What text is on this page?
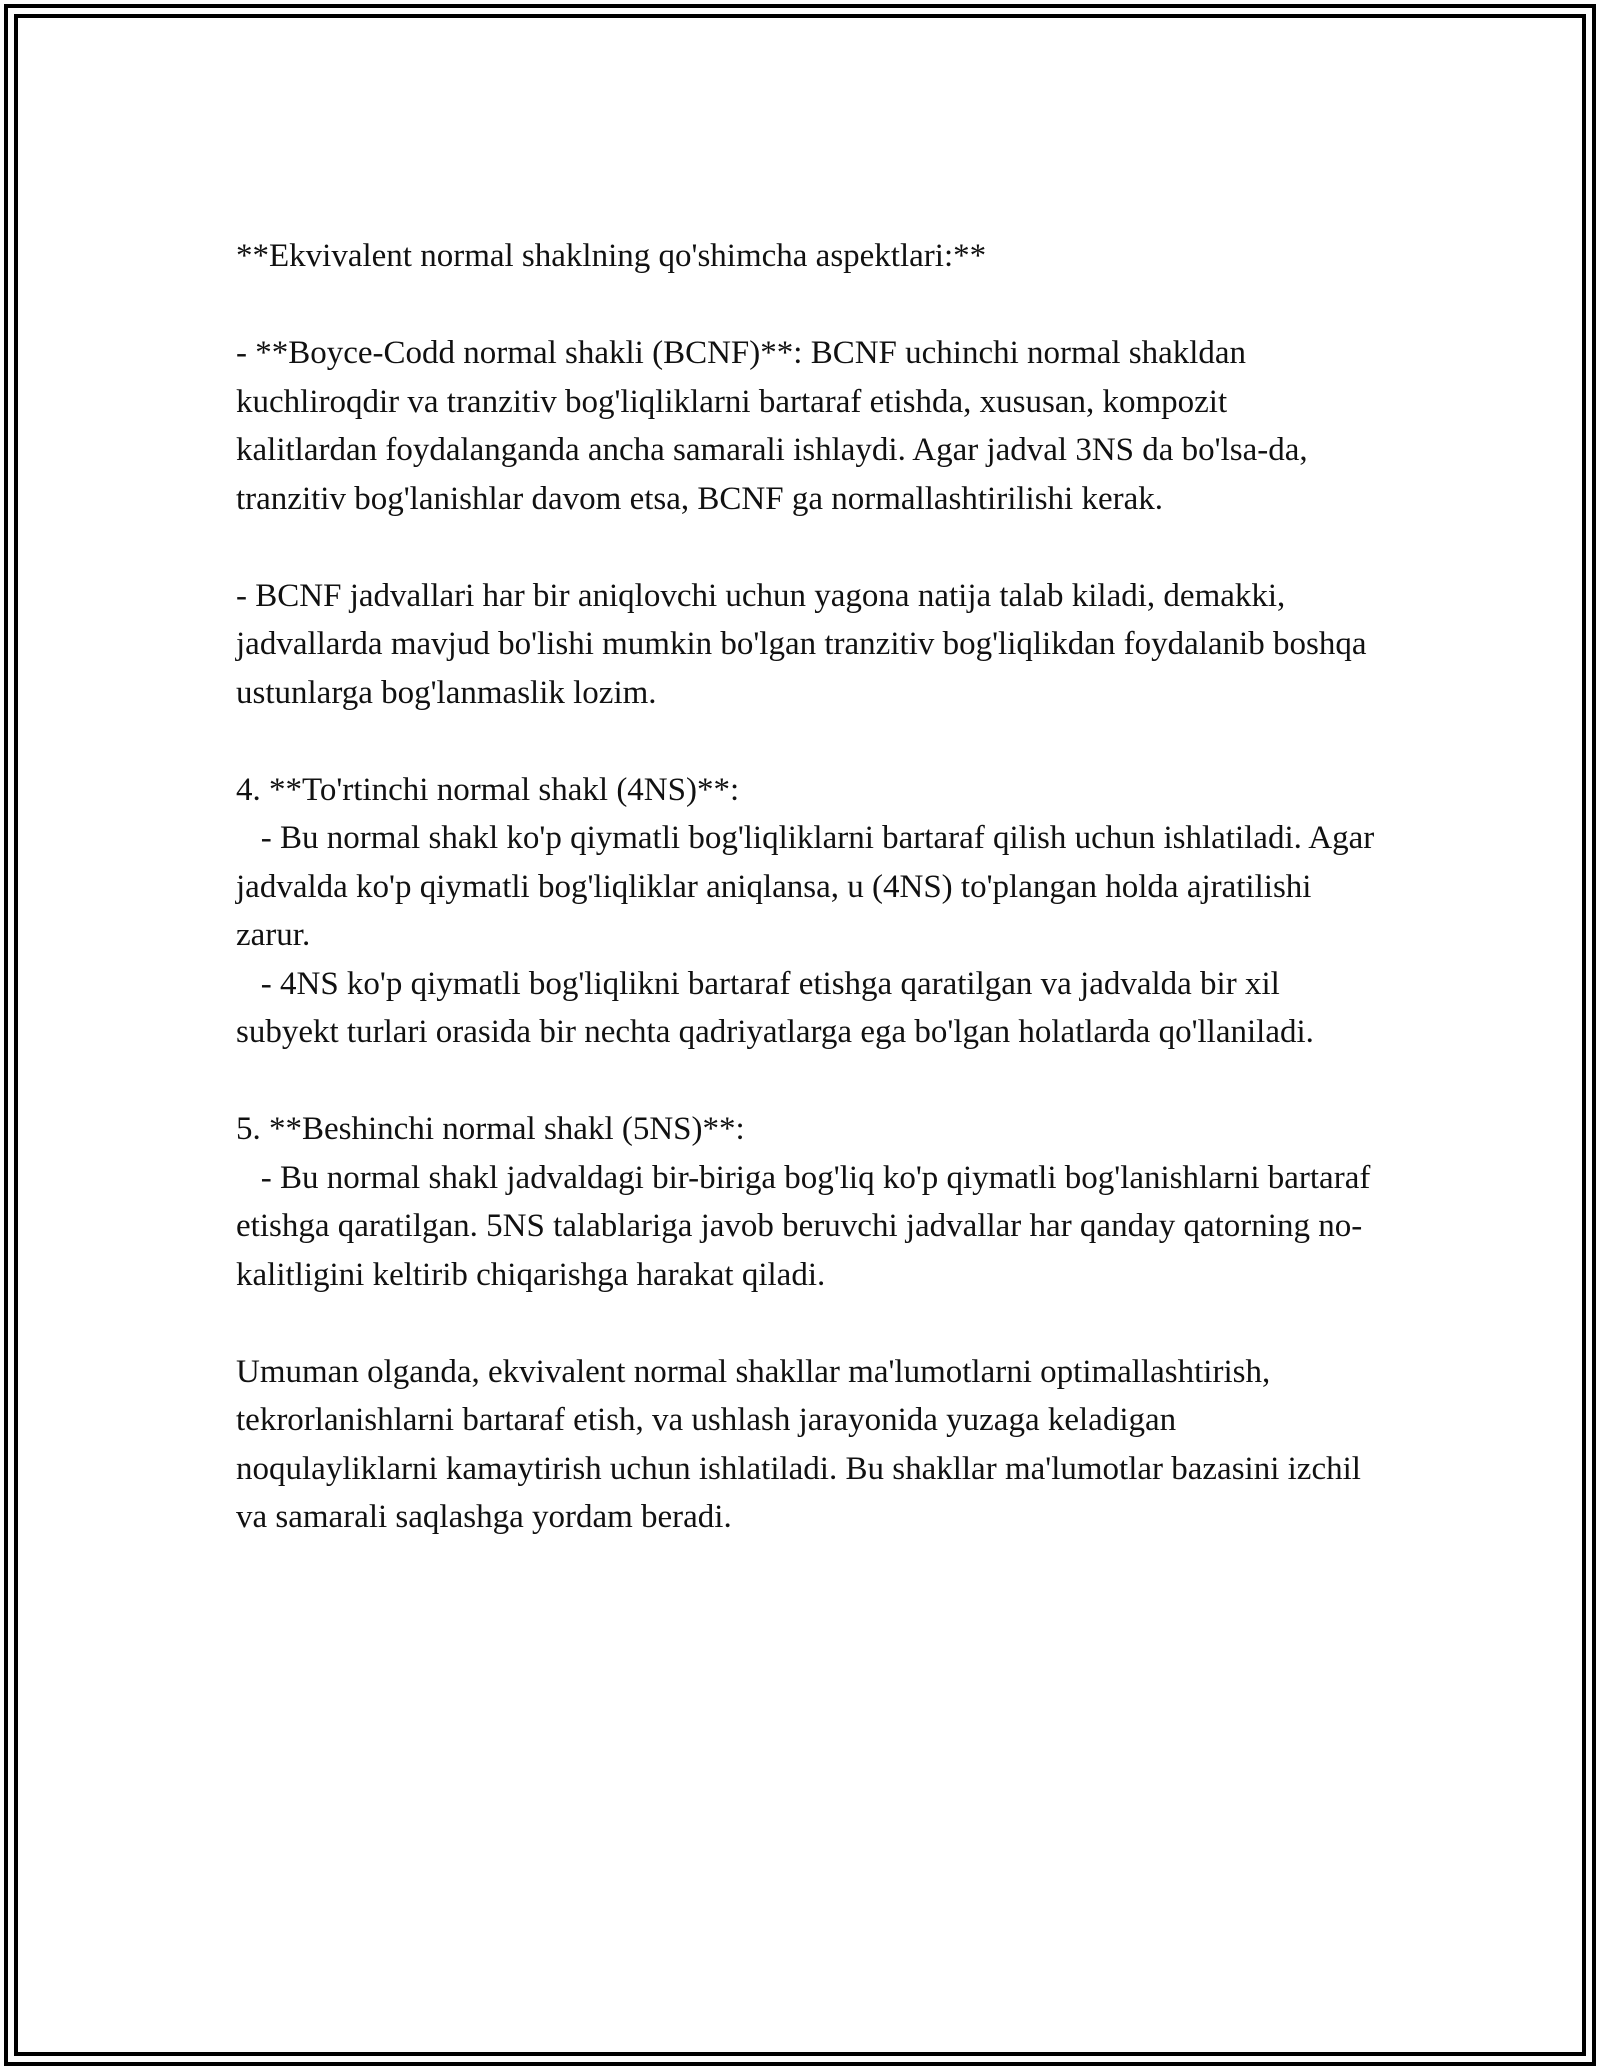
**Ekvivalent normal shaklning qo'shimcha aspektlari:**

- **Boyce-Codd normal shakli (BCNF)**: BCNF uchinchi normal shakldan kuchliroqdir va tranzitiv bog'liqliklarni bartaraf etishda, xususan, kompozit kalitlardan foydalanganda ancha samarali ishlaydi. Agar jadval 3NS da bo'lsa-da, tranzitiv bog'lanishlar davom etsa, BCNF ga normallashtirilishi kerak.

- BCNF jadvallari har bir aniqlovchi uchun yagona natija talab kiladi, demakki, jadvallarda mavjud bo'lishi mumkin bo'lgan tranzitiv bog'liqlikdan foydalanib boshqa ustunlarga bog'lanmaslik lozim.

4. **To'rtinchi normal shakl (4NS)**:
- Bu normal shakl ko'p qiymatli bog'liqliklarni bartaraf qilish uchun ishlatiladi. Agar jadvalda ko'p qiymatli bog'liqliklar aniqlansa, u (4NS) to'plangan holda ajratilishi zarur.
- 4NS ko'p qiymatli bog'liqlikni bartaraf etishga qaratilgan va jadvalda bir xil subyekt turlari orasida bir nechta qadriyatlarga ega bo'lgan holatlarda qo'llaniladi.

5. **Beshinchi normal shakl (5NS)**:
- Bu normal shakl jadvaldagi bir-biriga bog'liq ko'p qiymatli bog'lanishlarni bartaraf etishga qaratilgan. 5NS talablariga javob beruvchi jadvallar har qanday qatorning no-kalitligini keltirib chiqarishga harakat qiladi.

Umuman olganda, ekvivalent normal shakllar ma'lumotlarni optimallashtirish, tekrorlanishlarni bartaraf etish, va ushlash jarayonida yuzaga keladigan noqulayliklarni kamaytirish uchun ishlatiladi. Bu shakllar ma'lumotlar bazasini izchil va samarali saqlashga yordam beradi.
